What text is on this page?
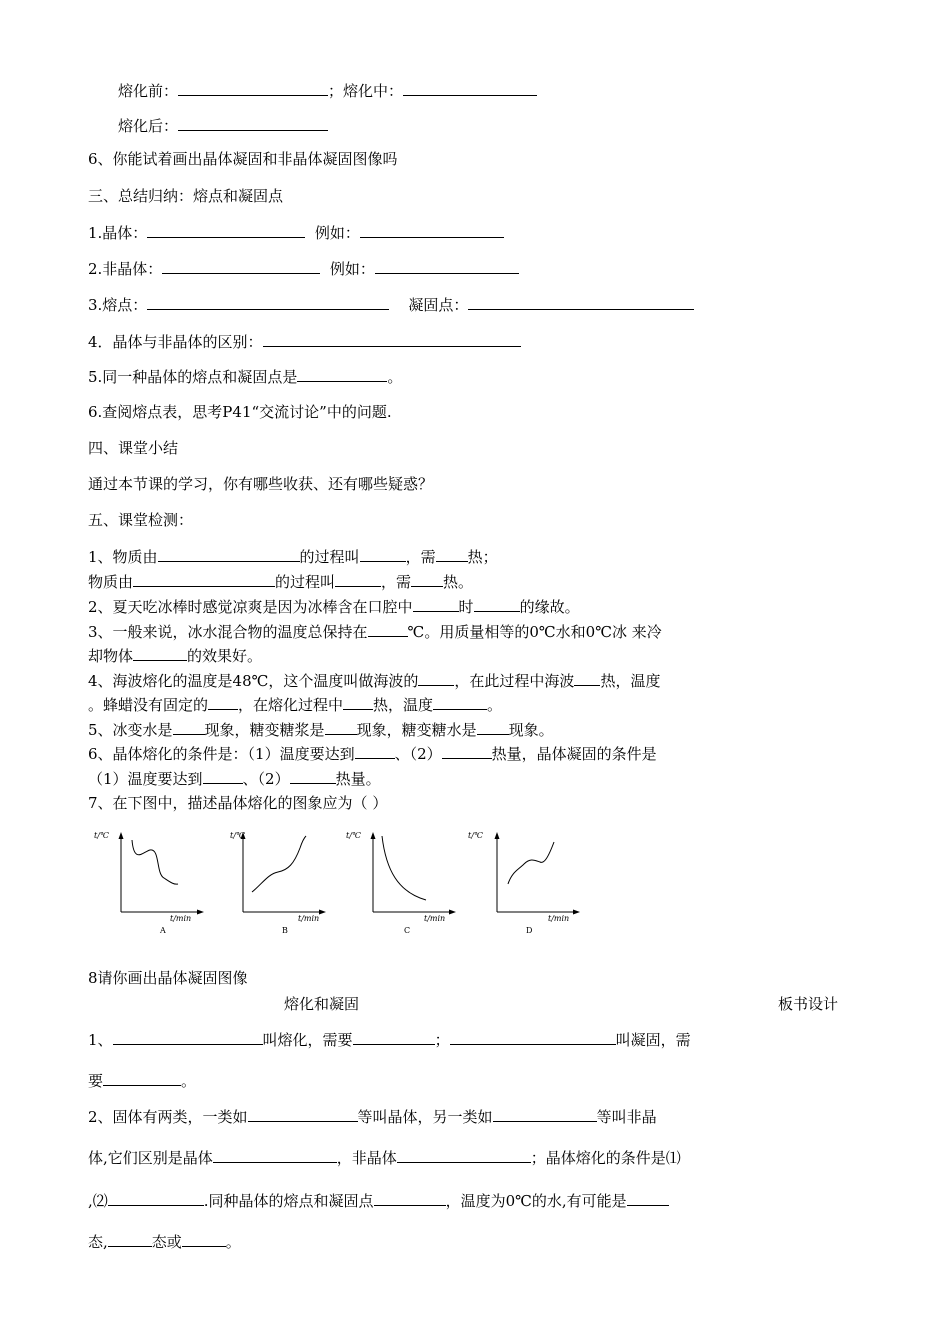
熔化前：	；熔化中：
熔化后：
6、你能试着画出晶体凝固和非晶体凝固图像吗
三、总结归纳：熔点和凝固点
1.晶体：	例如：
2.非晶体：	例如：
3.熔点：	凝固点：
4．晶体与非晶体的区别：
5.同一种晶体的熔点和凝固点是	。
6.查阅熔点表，思考P41“交流讨论”中的问题.
四、课堂小结
通过本节课的学习，你有哪些收获、还有哪些疑惑？
五、课堂检测：
1、物质由	的过程叫	，需 热；
物质由	的过程叫	，需 热。
2、夏天吃冰棒时感觉凉爽是因为冰棒含在口腔中	时	的缘故。
3、一般来说，冰水混合物的温度总保持在	℃。用质量相等的0℃水和0℃冰 来冷
却物体	的效果好。
4、海波熔化的温度是48℃，这个温度叫做海波的 ，在此过程中海波 热，温度
。蜂蜡没有固定的 ，在熔化过程中 热，温度	。
5、冰变水是 现象，糖变糖浆是 现象，糖变糖水是 现象。
6、晶体熔化的条件是：（1）温度要达到	、（2）	热量，晶体凝固的条件是
（1）温度要达到	、（2）	热量。
7、在下图中，描述晶体熔化的图象应为（ ）
t/℃
t/min
A
t/℃
t/min
B
t/℃
t/min
C
t/℃
t/min
D
8请你画出晶体凝固图像
熔化和凝固	板书设计
1、	叫熔化，需要	；	叫凝固，需
要	。
2、固体有两类，一类如	等叫晶体，另一类如	等叫非晶
体,它们区别是晶体	，非晶体	；晶体熔化的条件是⑴
,⑵	.同种晶体的熔点和凝固点	，温度为0℃的水,有可能是
态,	态或	。
